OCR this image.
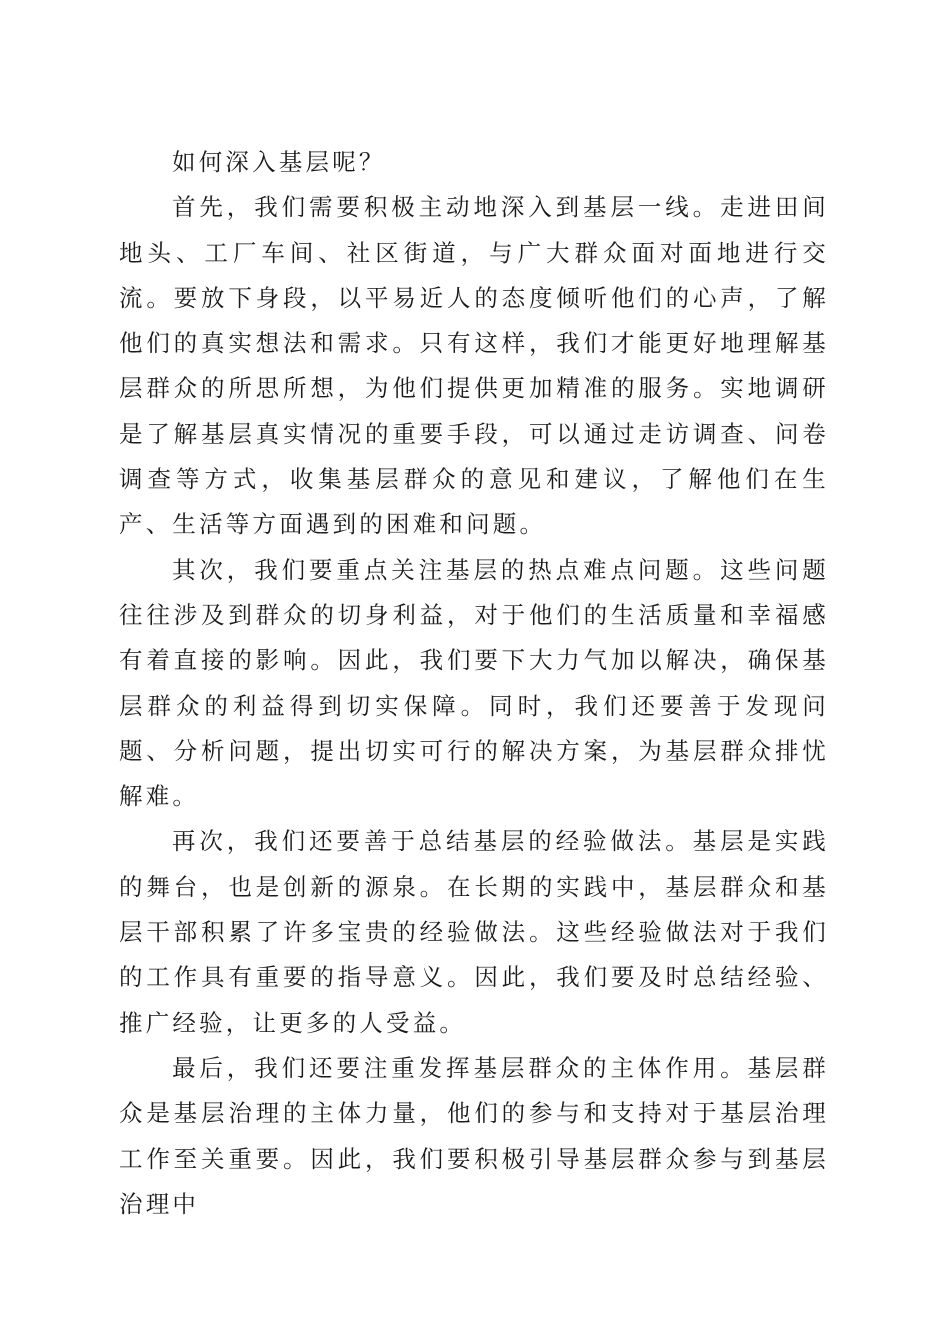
如何深入基层呢？

首先，我们需要积极主动地深入到基层一线。走进田间地头、工厂车间、社区街道，与广大群众面对面地进行交流。要放下身段，以平易近人的态度倾听他们的心声，了解他们的真实想法和需求。只有这样，我们才能更好地理解基层群众的所思所想，为他们提供更加精准的服务。实地调研是了解基层真实情况的重要手段，可以通过走访调查、问卷调查等方式，收集基层群众的意见和建议，了解他们在生产、生活等方面遇到的困难和问题。

其次，我们要重点关注基层的热点难点问题。这些问题往往涉及到群众的切身利益，对于他们的生活质量和幸福感有着直接的影响。因此，我们要下大力气加以解决，确保基层群众的利益得到切实保障。同时，我们还要善于发现问题、分析问题，提出切实可行的解决方案，为基层群众排忧解难。

再次，我们还要善于总结基层的经验做法。基层是实践的舞台，也是创新的源泉。在长期的实践中，基层群众和基层干部积累了许多宝贵的经验做法。这些经验做法对于我们的工作具有重要的指导意义。因此，我们要及时总结经验、推广经验，让更多的人受益。

最后，我们还要注重发挥基层群众的主体作用。基层群众是基层治理的主体力量，他们的参与和支持对于基层治理工作至关重要。因此，我们要积极引导基层群众参与到基层治理中
